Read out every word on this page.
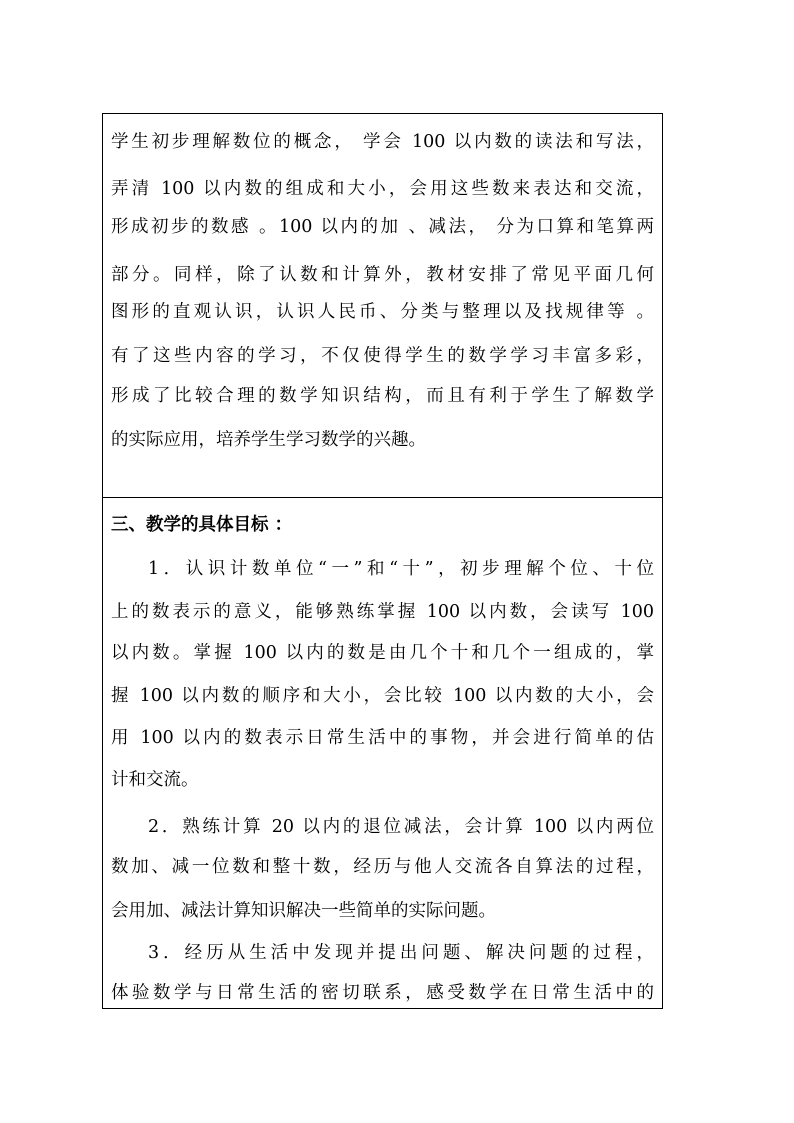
学生初步理解数位的概念， 学会 100 以内数的读法和写法，
弄清 100 以内数的组成和大小，会用这些数来表达和交流，
形成初步的数感 。100 以内的加 、减法， 分为口算和笔算两
部分。同样，除了认数和计算外，教材安排了常见平面几何
图形的直观认识，认识人民币、分类与整理以及找规律等 。
有了这些内容的学习，不仅使得学生的数学学习丰富多彩，
形成了比较合理的数学知识结构，而且有利于学生了解数学
的实际应用，培养学生学习数学的兴趣。
三、教学的具体目标 ：
1．认识计数单位“一”和“十”，初步理解个位、十位
上的数表示的意义，能够熟练掌握 100 以内数，会读写 100
以内数。掌握 100 以内的数是由几个十和几个一组成的，掌
握 100 以内数的顺序和大小，会比较 100 以内数的大小，会
用 100 以内的数表示日常生活中的事物，并会进行简单的估
计和交流。
2．熟练计算 20 以内的退位减法，会计算 100 以内两位
数加、减一位数和整十数，经历与他人交流各自算法的过程，
会用加、减法计算知识解决一些简单的实际问题。
3．经历从生活中发现并提出问题、解决问题的过程，
体验数学与日常生活的密切联系，感受数学在日常生活中的
